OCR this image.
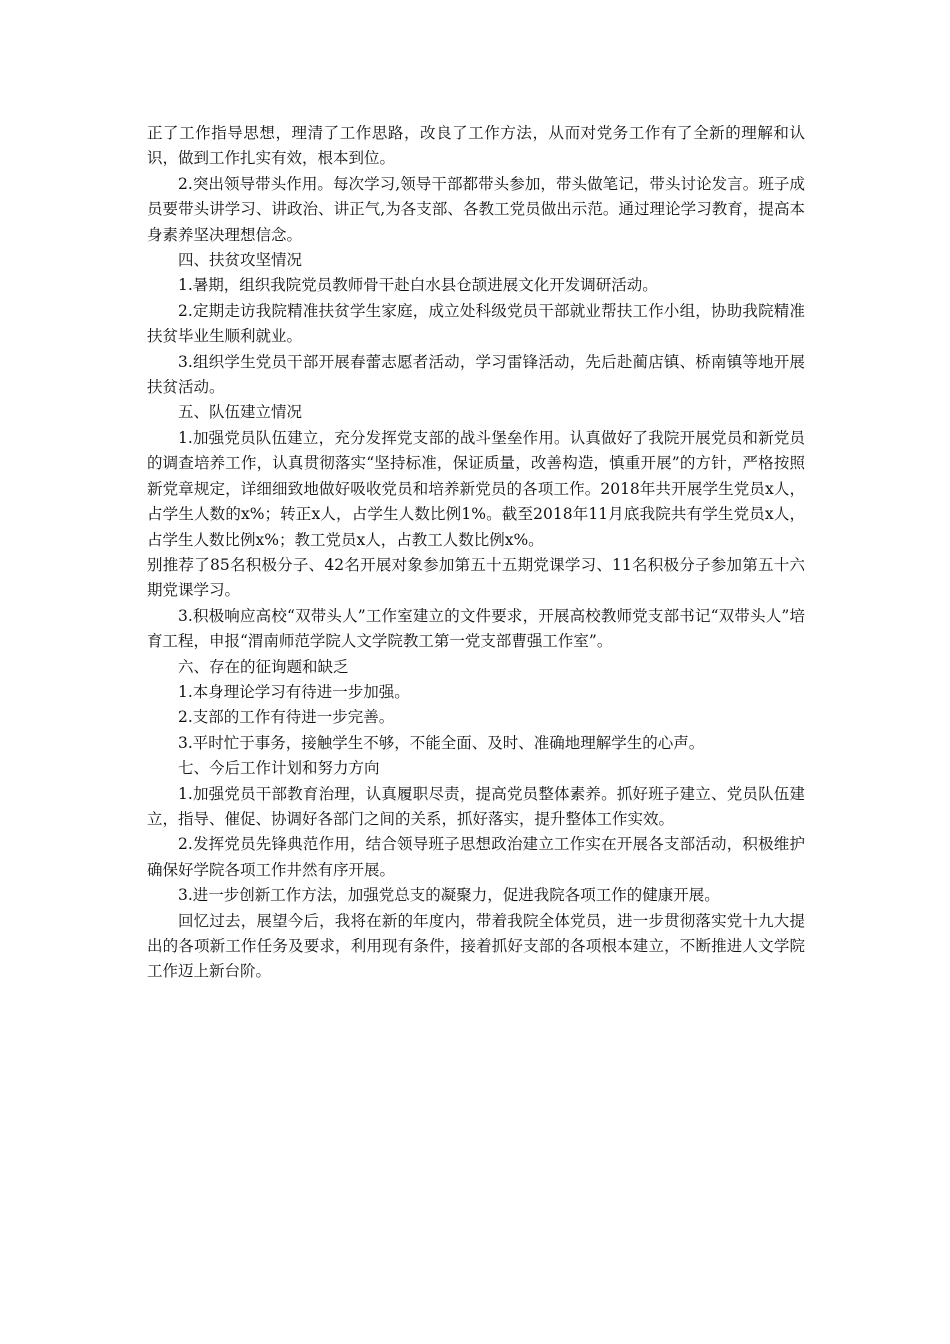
正了工作指导思想，理清了工作思路，改良了工作方法，从而对党务工作有了全新的理解和认识，做到工作扎实有效，根本到位。

2.突出领导带头作用。每次学习,领导干部都带头参加，带头做笔记，带头讨论发言。班子成员要带头讲学习、讲政治、讲正气,为各支部、各教工党员做出示范。通过理论学习教育，提高本身素养坚决理想信念。

四、扶贫攻坚情况

1.暑期，组织我院党员教师骨干赴白水县仓颉进展文化开发调研活动。

2.定期走访我院精准扶贫学生家庭，成立处科级党员干部就业帮扶工作小组，协助我院精准扶贫毕业生顺利就业。

3.组织学生党员干部开展春蕾志愿者活动，学习雷锋活动，先后赴蔺店镇、桥南镇等地开展扶贫活动。

五、队伍建立情况

1.加强党员队伍建立，充分发挥党支部的战斗堡垒作用。认真做好了我院开展党员和新党员的调查培养工作，认真贯彻落实“坚持标准，保证质量，改善构造，慎重开展”的方针，严格按照新党章规定，详细细致地做好吸收党员和培养新党员的各项工作。2018年共开展学生党员x人，占学生人数的x%；转正x人，占学生人数比例1%。截至2018年11月底我院共有学生党员x人，占学生人数比例x%；教工党员x人，占教工人数比例x%。

别推荐了85名积极分子、42名开展对象参加第五十五期党课学习、11名积极分子参加第五十六期党课学习。

3.积极响应高校“双带头人”工作室建立的文件要求，开展高校教师党支部书记“双带头人”培育工程，申报“渭南师范学院人文学院教工第一党支部曹强工作室”。

六、存在的征询题和缺乏

1.本身理论学习有待进一步加强。

2.支部的工作有待进一步完善。

3.平时忙于事务，接触学生不够，不能全面、及时、准确地理解学生的心声。

七、今后工作计划和努力方向

1.加强党员干部教育治理，认真履职尽责，提高党员整体素养。抓好班子建立、党员队伍建立，指导、催促、协调好各部门之间的关系，抓好落实，提升整体工作实效。

2.发挥党员先锋典范作用，结合领导班子思想政治建立工作实在开展各支部活动，积极维护确保好学院各项工作井然有序开展。

3.进一步创新工作方法，加强党总支的凝聚力，促进我院各项工作的健康开展。

回忆过去，展望今后，我将在新的年度内，带着我院全体党员，进一步贯彻落实党十九大提出的各项新工作任务及要求，利用现有条件，接着抓好支部的各项根本建立，不断推进人文学院工作迈上新台阶。
